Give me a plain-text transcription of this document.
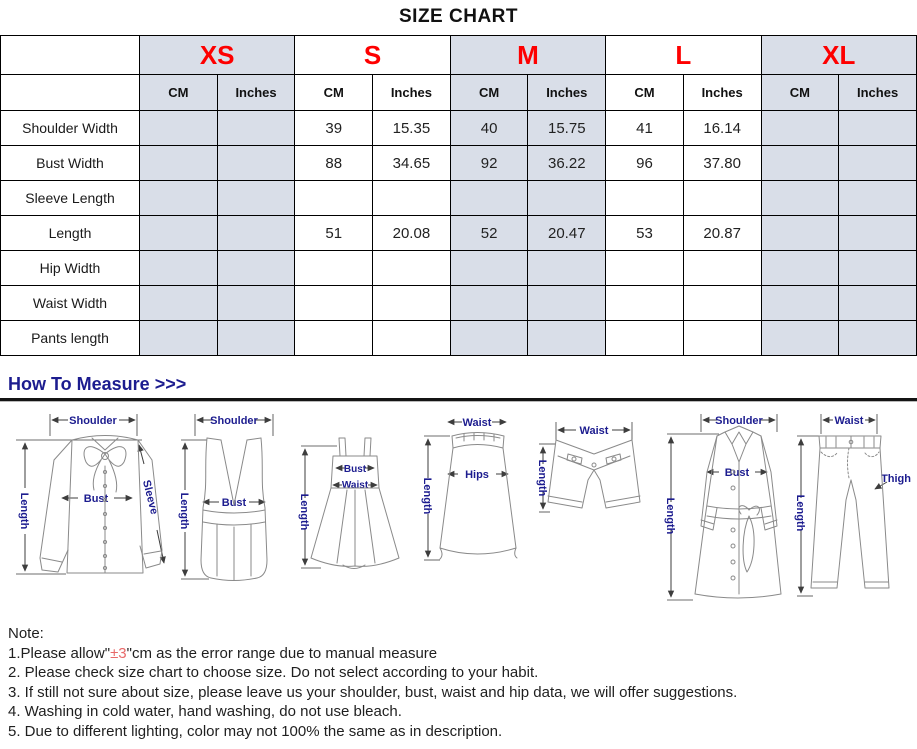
SIZE CHART
	XS		S		M		L		XL	
	CM	Inches	CM	Inches	CM	Inches	CM	Inches	CM	Inches
Shoulder Width			39	15.35	40	15.75	41	16.14		
Bust Width			88	34.65	92	36.22	96	37.80		
Sleeve Length										
Length			51	20.08	52	20.47	53	20.87		
Hip Width										
Waist Width										
Pants length										
How To Measure >>>
Shoulder
Length	Bust	Sleeve
Shoulder
Length	Bust	Length
Bust
Waist
Waist
Length
Hips
Waist
Length
Shoulder
Length
Bust
Waist
Length
Thigh
Note:
1.Please allow"±3"cm as the error range due to manual measure
2. Please check size chart to choose size. Do not select according to your habit.
3. If still not sure about size, please leave us your shoulder, bust, waist and hip data, we will offer suggestions.
4. Washing in cold water, hand washing, do not use bleach.
5. Due to different lighting, color may not 100% the same as in description.
